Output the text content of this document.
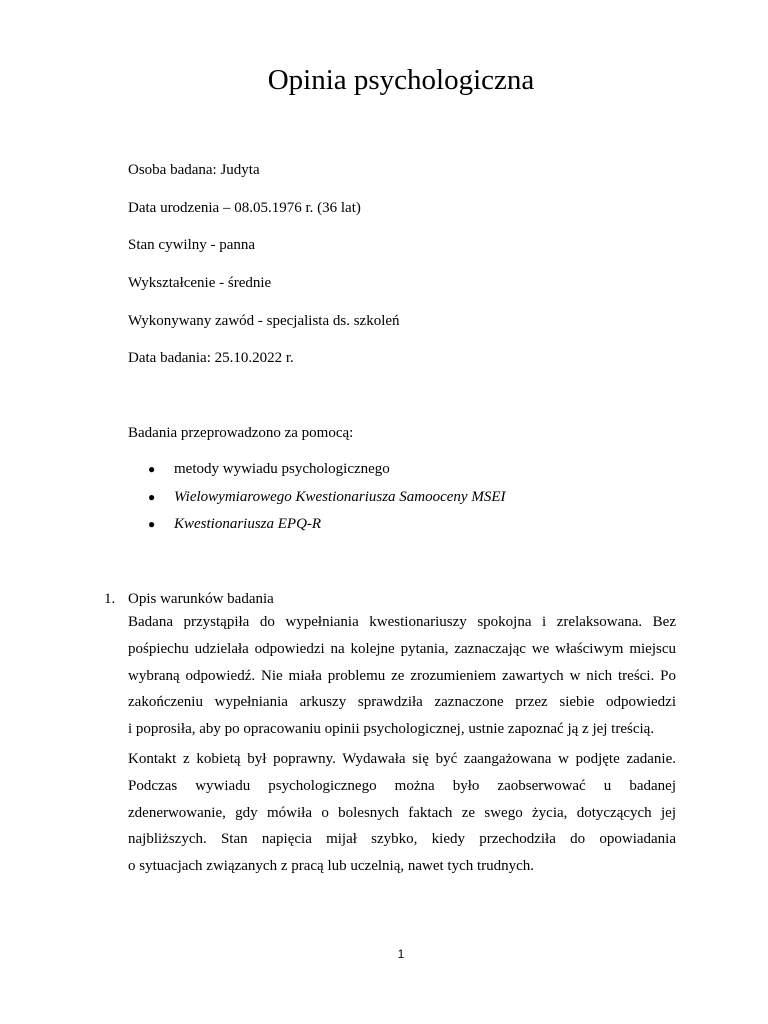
Opinia psychologiczna

Osoba badana: Judyta

Data urodzenia – 08.05.1976 r. (36 lat)

Stan cywilny - panna

Wykształcenie - średnie

Wykonywany zawód - specjalista ds. szkoleń

Data badania: 25.10.2022 r.

Badania przeprowadzono za pomocą:

● metody wywiadu psychologicznego
● Wielowymiarowego Kwestionariusza Samooceny MSEI
● Kwestionariusza EPQ-R

1. Opis warunków badania

Badana przystąpiła do wypełniania kwestionariuszy spokojna i zrelaksowana. Bez
pośpiechu udzielała odpowiedzi na kolejne pytania, zaznaczając we właściwym miejscu
wybraną odpowiedź. Nie miała problemu ze zrozumieniem zawartych w nich treści. Po
zakończeniu wypełniania arkuszy sprawdziła zaznaczone przez siebie odpowiedzi
i poprosiła, aby po opracowaniu opinii psychologicznej, ustnie zapoznać ją z jej treścią.
Kontakt z kobietą był poprawny. Wydawała się być zaangażowana w podjęte zadanie.
Podczas wywiadu psychologicznego można było zaobserwować u badanej
zdenerwowanie, gdy mówiła o bolesnych faktach ze swego życia, dotyczących jej
najbliższych. Stan napięcia mijał szybko, kiedy przechodziła do opowiadania
o sytuacjach związanych z pracą lub uczelnią, nawet tych trudnych.
1
